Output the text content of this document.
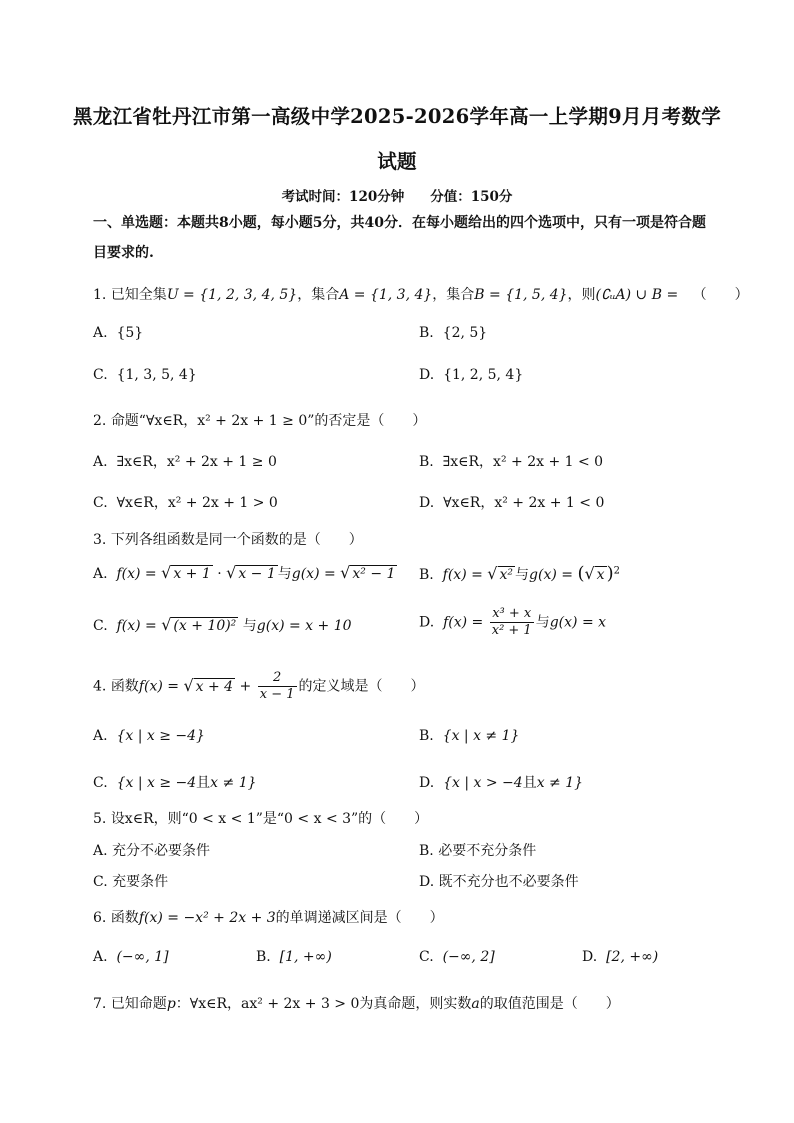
黑龙江省牡丹江市第一高级中学2025-2026学年高一上学期9月月考数学
试题
考试时间：120分钟 分值：150分
一、单选题：本题共8小题，每小题5分，共40分．在每小题给出的四个选项中，只有一项是符合题目要求的.
1. 已知全集U = {1, 2, 3, 4, 5}，集合A = {1, 3, 4}，集合B = {1, 5, 4}，则(∁ᵤA) ∪ B = （　　）
A. {5}	B. {2, 5}
C. {1, 3, 5, 4}	D. {1, 2, 5, 4}
2. 命题“∀x∈R，x² + 2x + 1 ≥ 0”的否定是（　　）
A. ∃x∈R，x² + 2x + 1 ≥ 0	B. ∃x∈R，x² + 2x + 1 < 0
C. ∀x∈R，x² + 2x + 1 > 0	D. ∀x∈R，x² + 2x + 1 < 0
3. 下列各组函数是同一个函数的是（　　）
A. f(x) = √ x + 1 · √ x − 1 与g(x) = √ x² − 1 B. f(x) = √ x² 与g(x) = (√ x )$^2$
C. f(x) = √ (x + 10)² 与g(x) = x + 10	D. $f(x) = \frac{\text{x³ + x}}{\text{x² + 1}}$ 与g(x) = x
4. 函数f(x) = √ $x + 4 + \frac{2}{x - 1}$ 的定义域是（　　）
A. {x | x ≥ −4}	B. {x | x ≠ 1}
C. {x | x ≥ −4且x ≠ 1}	D. {x | x > −4且x ≠ 1}
5. 设x∈R，则“0 < x < 1”是“0 < x < 3”的（　　）
A. 充分不必要条件	B. 必要不充分条件
C. 充要条件	D. 既不充分也不必要条件
6. 函数f(x) = −x² + 2x + 3的单调递减区间是（　　）
A. (−∞, 1]	B. [1, +∞)	C. (−∞, 2]	D. [2, +∞)
7. 已知命题p：∀x∈R，ax² + 2x + 3 > 0为真命题，则实数a的取值范围是（　　）
